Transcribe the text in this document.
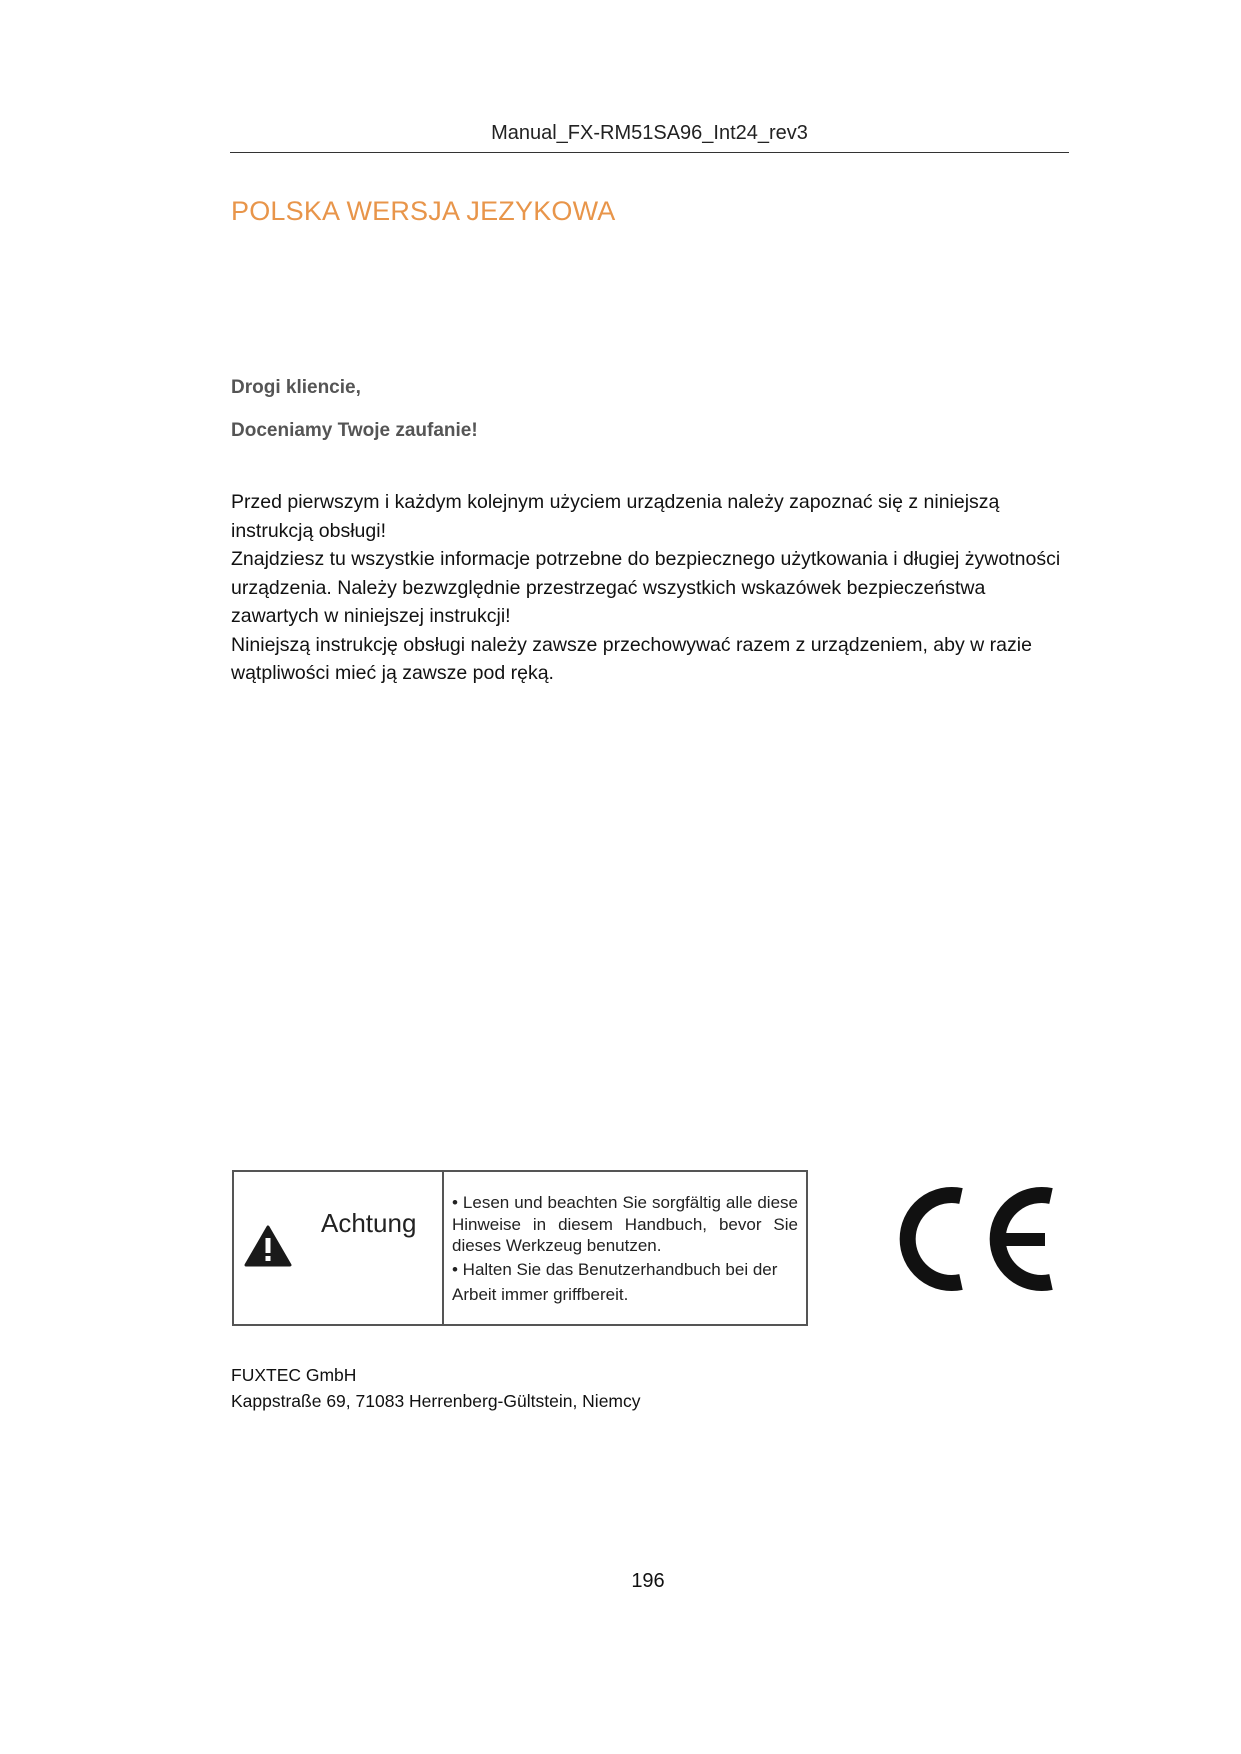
Manual_FX-RM51SA96_Int24_rev3
POLSKA WERSJA JEZYKOWA
Drogi kliencie,
Doceniamy Twoje zaufanie!

Przed pierwszym i każdym kolejnym użyciem urządzenia należy zapoznać się z niniejszą instrukcją obsługi!

Znajdziesz tu wszystkie informacje potrzebne do bezpiecznego użytkowania i długiej żywotności urządzenia. Należy bezwzględnie przestrzegać wszystkich wskazówek bezpieczeństwa zawartych w niniejszej instrukcji!

Niniejszą instrukcję obsługi należy zawsze przechowywać razem z urządzeniem, aby w razie wątpliwości mieć ją zawsze pod ręką.

Achtung

• Lesen und beachten Sie sorgfältig alle diese Hinweise in diesem Handbuch, bevor Sie dieses Werkzeug benutzen.

• Halten Sie das Benutzerhandbuch bei der Arbeit immer griffbereit.

FUXTEC GmbH
Kappstraße 69, 71083 Herrenberg-Gültstein, Niemcy
196
